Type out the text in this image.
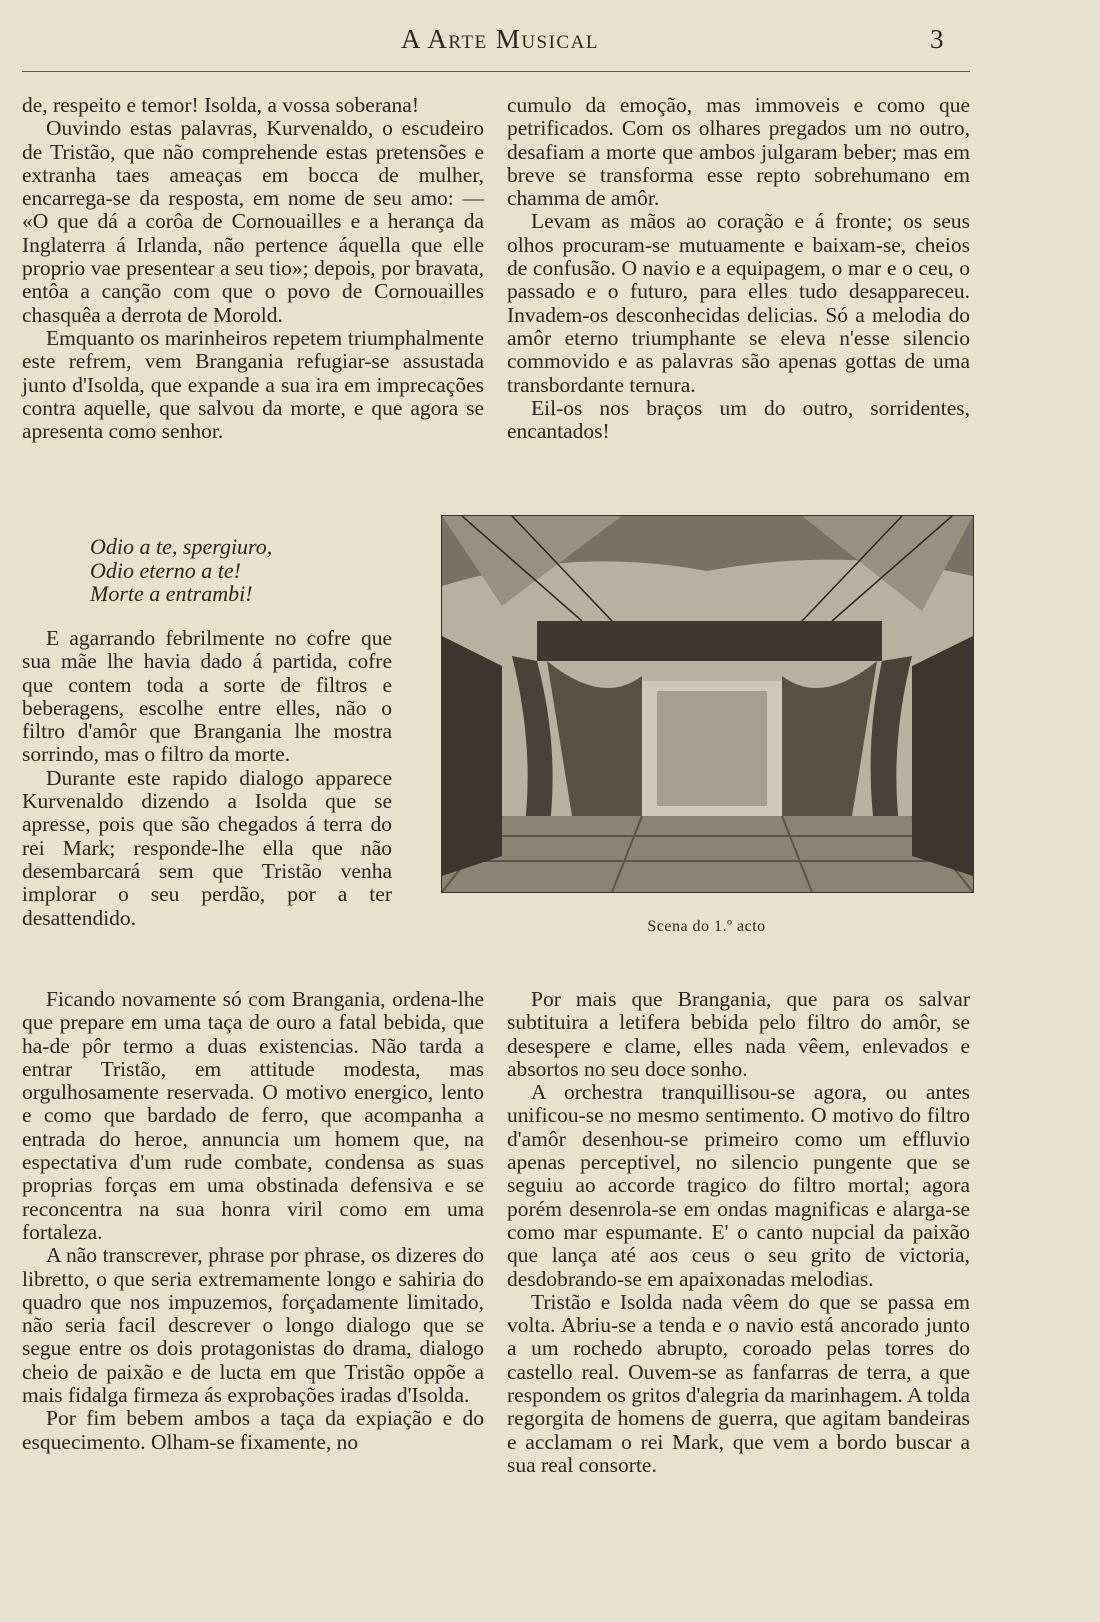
A Arte Musical	3

de, respeito e temor! Isolda, a vossa soberana!

Ouvindo estas palavras, Kurvenaldo, o escudeiro de Tristão, que não comprehende estas pretensões e extranha taes ameaças em bocca de mulher, encarrega-se da resposta, em nome de seu amo: — «O que dá a corôa de Cornouailles e a herança da Inglaterra á Irlanda, não pertence áquella que elle proprio vae presentear a seu tio»; depois, por bravata, entôa a canção com que o povo de Cornouailles chasquêa a derrota de Morold.

Emquanto os marinheiros repetem triumphalmente este refrem, vem Brangania refugiar-se assustada junto d'Isolda, que expande a sua ira em imprecações contra aquelle, que salvou da morte, e que agora se apresenta como senhor.

Odio a te, spergiuro,
Odio eterno a te!
Morte a entrambi!

E agarrando febrilmente no cofre que sua mãe lhe havia dado á partida, cofre que contem toda a sorte de filtros e beberagens, escolhe entre elles, não o filtro d'amôr que Brangania lhe mostra sorrindo, mas o filtro da morte.

Durante este rapido dialogo apparece Kurvenaldo dizendo a Isolda que se apresse, pois que são chegados á terra do rei Mark; responde-lhe ella que não desembarcará sem que Tristão venha implorar o seu perdão, por a ter desattendido.

Ficando novamente só com Brangania, ordena-lhe que prepare em uma taça de ouro a fatal bebida, que ha-de pôr termo a duas existencias. Não tarda a entrar Tristão, em attitude modesta, mas orgulhosamente reservada. O motivo energico, lento e como que bardado de ferro, que acompanha a entrada do heroe, annuncia um homem que, na espectativa d'um rude combate, condensa as suas proprias forças em uma obstinada defensiva e se reconcentra na sua honra viril como em uma fortaleza.

A não transcrever, phrase por phrase, os dizeres do libretto, o que seria extremamente longo e sahiria do quadro que nos impuzemos, forçadamente limitado, não seria facil descrever o longo dialogo que se segue entre os dois protagonistas do drama, dialogo cheio de paixão e de lucta em que Tristão oppõe a mais fidalga firmeza ás exprobações iradas d'Isolda.

Por fim bebem ambos a taça da expiação e do esquecimento. Olham-se fixamente, no

cumulo da emoção, mas immoveis e como que petrificados. Com os olhares pregados um no outro, desafiam a morte que ambos julgaram beber; mas em breve se transforma esse repto sobrehumano em chamma de amôr.

Levam as mãos ao coração e á fronte; os seus olhos procuram-se mutuamente e baixam-se, cheios de confusão. O navio e a equipagem, o mar e o ceu, o passado e o futuro, para elles tudo desappareceu. Invadem-os desconhecidas delicias. Só a melodia do amôr eterno triumphante se eleva n'esse silencio commovido e as palavras são apenas gottas de uma transbordante ternura.

Eil-os nos braços um do outro, sorridentes, encantados!

Scena do 1.º acto

Por mais que Brangania, que para os salvar subtituira a letifera bebida pelo filtro do amôr, se desespere e clame, elles nada vêem, enlevados e absortos no seu doce sonho.

A orchestra tranquillisou-se agora, ou antes unificou-se no mesmo sentimento. O motivo do filtro d'amôr desenhou-se primeiro como um effluvio apenas perceptivel, no silencio pungente que se seguiu ao accorde tragico do filtro mortal; agora porém desenrola-se em ondas magnificas e alarga-se como mar espumante. E' o canto nupcial da paixão que lança até aos ceus o seu grito de victoria, desdobrando-se em apaixonadas melodias.

Tristão e Isolda nada vêem do que se passa em volta. Abriu-se a tenda e o navio está ancorado junto a um rochedo abrupto, coroado pelas torres do castello real. Ouvem-se as fanfarras de terra, a que respondem os gritos d'alegria da marinhagem. A tolda regorgita de homens de guerra, que agitam bandeiras e acclamam o rei Mark, que vem a bordo buscar a sua real consorte.
